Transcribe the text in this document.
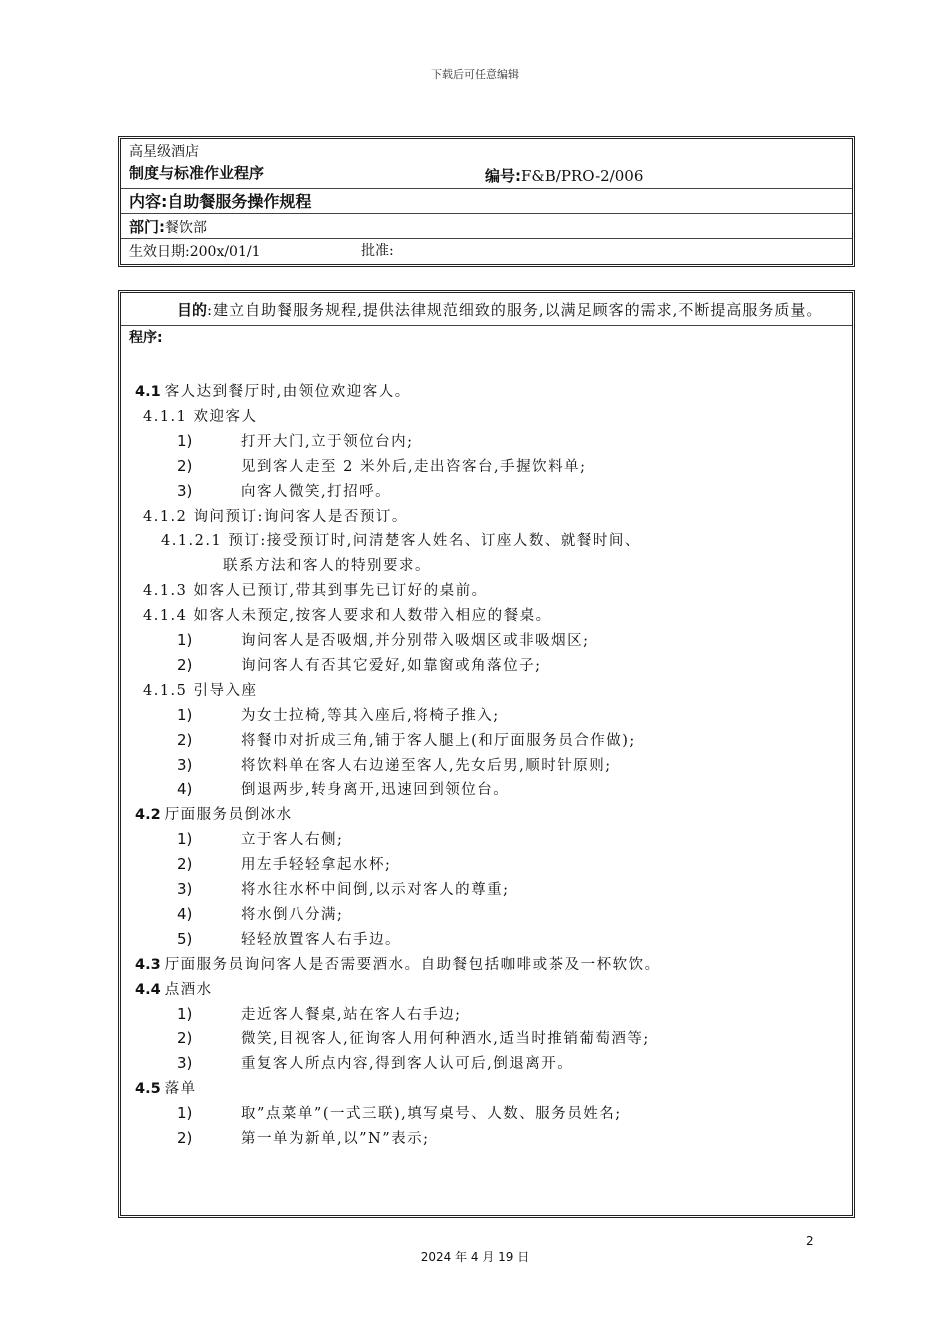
下载后可任意编辑
高星级酒店
制度与标准作业程序	编号:F&B/PRO-2/006
内容:自助餐服务操作规程
部门:餐饮部
生效日期:200x/01/1	批准:
目的:建立自助餐服务规程,提供法律规范细致的服务,以满足顾客的需求,不断提高服务质量。
程序:
4.1 客人达到餐厅时,由领位欢迎客人。
4.1.1 欢迎客人
1)	打开大门,立于领位台内;
2)	见到客人走至 2 米外后,走出咨客台,手握饮料单;
3)	向客人微笑,打招呼。
4.1.2 询问预订:询问客人是否预订。
4.1.2.1 预订:接受预订时,问清楚客人姓名、订座人数、就餐时间、
联系方法和客人的特别要求。
4.1.3 如客人已预订,带其到事先已订好的桌前。
4.1.4 如客人未预定,按客人要求和人数带入相应的餐桌。
1)	询问客人是否吸烟,并分别带入吸烟区或非吸烟区;
2)	询问客人有否其它爱好,如靠窗或角落位子;
4.1.5 引导入座
1)	为女士拉椅,等其入座后,将椅子推入;
2)	将餐巾对折成三角,铺于客人腿上(和厅面服务员合作做);
3)	将饮料单在客人右边递至客人,先女后男,顺时针原则;
4)	倒退两步,转身离开,迅速回到领位台。
4.2 厅面服务员倒冰水
1)	立于客人右侧;
2)	用左手轻轻拿起水杯;
3)	将水往水杯中间倒,以示对客人的尊重;
4)	将水倒八分满;
5)	轻轻放置客人右手边。
4.3 厅面服务员询问客人是否需要酒水。自助餐包括咖啡或茶及一杯软饮。
4.4 点酒水
1)	走近客人餐桌,站在客人右手边;
2)	微笑,目视客人,征询客人用何种酒水,适当时推销葡萄酒等;
3)	重复客人所点内容,得到客人认可后,倒退离开。
4.5 落单
1)	取”点菜单”(一式三联),填写桌号、人数、服务员姓名;
2)	第一单为新单,以”N”表示;
2
2024 年 4 月 19 日
